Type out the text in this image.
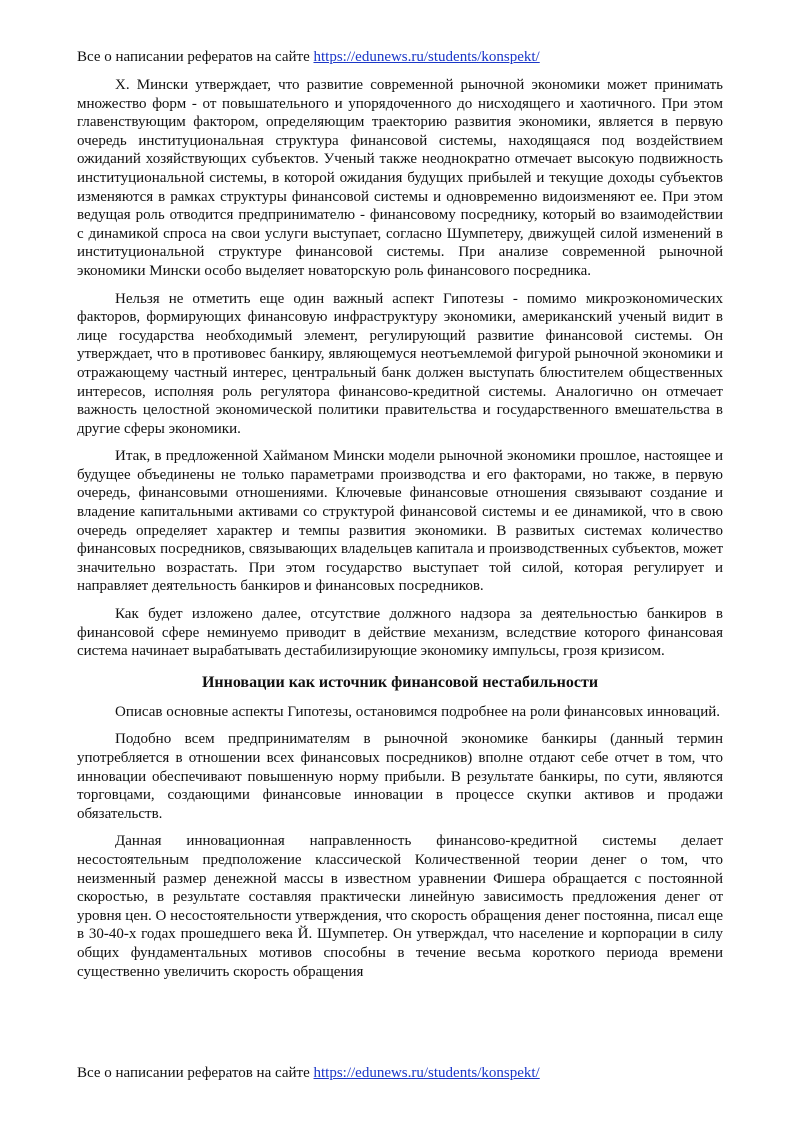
Все о написании рефератов на сайте https://edunews.ru/students/konspekt/

Х. Мински утверждает, что развитие современной рыночной экономики может принимать множество форм - от повышательного и упорядоченного до нисходящего и хаотичного. При этом главенствующим фактором, определяющим траекторию развития экономики, является в первую очередь институциональная структура финансовой системы, находящаяся под воздействием ожиданий хозяйствующих субъектов. Ученый также неоднократно отмечает высокую подвижность институциональной системы, в которой ожидания будущих прибылей и текущие доходы субъектов изменяются в рамках структуры финансовой системы и одновременно видоизменяют ее. При этом ведущая роль отводится предпринимателю - финансовому посреднику, который во взаимодействии с динамикой спроса на свои услуги выступает, согласно Шумпетеру, движущей силой изменений в институциональной структуре финансовой системы. При анализе современной рыночной экономики Мински особо выделяет новаторскую роль финансового посредника.

Нельзя не отметить еще один важный аспект Гипотезы - помимо микроэкономических факторов, формирующих финансовую инфраструктуру экономики, американский ученый видит в лице государства необходимый элемент, регулирующий развитие финансовой системы. Он утверждает, что в противовес банкиру, являющемуся неотъемлемой фигурой рыночной экономики и отражающему частный интерес, центральный банк должен выступать блюстителем общественных интересов, исполняя роль регулятора финансово-кредитной системы. Аналогично он отмечает важность целостной экономической политики правительства и государственного вмешательства в другие сферы экономики.

Итак, в предложенной Хайманом Мински модели рыночной экономики прошлое, настоящее и будущее объединены не только параметрами производства и его факторами, но также, в первую очередь, финансовыми отношениями. Ключевые финансовые отношения связывают создание и владение капитальными активами со структурой финансовой системы и ее динамикой, что в свою очередь определяет характер и темпы развития экономики. В развитых системах количество финансовых посредников, связывающих владельцев капитала и производственных субъектов, может значительно возрастать. При этом государство выступает той силой, которая регулирует и направляет деятельность банкиров и финансовых посредников.

Как будет изложено далее, отсутствие должного надзора за деятельностью банкиров в финансовой сфере неминуемо приводит в действие механизм, вследствие которого финансовая система начинает вырабатывать дестабилизирующие экономику импульсы, грозя кризисом.

Инновации как источник финансовой нестабильности

Описав основные аспекты Гипотезы, остановимся подробнее на роли финансовых инноваций.

Подобно всем предпринимателям в рыночной экономике банкиры (данный термин употребляется в отношении всех финансовых посредников) вполне отдают себе отчет в том, что инновации обеспечивают повышенную норму прибыли. В результате банкиры, по сути, являются торговцами, создающими финансовые инновации в процессе скупки активов и продажи обязательств.

Данная инновационная направленность финансово-кредитной системы делает несостоятельным предположение классической Количественной теории денег о том, что неизменный размер денежной массы в известном уравнении Фишера обращается с постоянной скоростью, в результате составляя практически линейную зависимость предложения денег от уровня цен. О несостоятельности утверждения, что скорость обращения денег постоянна, писал еще в 30-40-х годах прошедшего века Й. Шумпетер. Он утверждал, что население и корпорации в силу общих фундаментальных мотивов способны в течение весьма короткого периода времени существенно увеличить скорость обращения

Все о написании рефератов на сайте https://edunews.ru/students/konspekt/
